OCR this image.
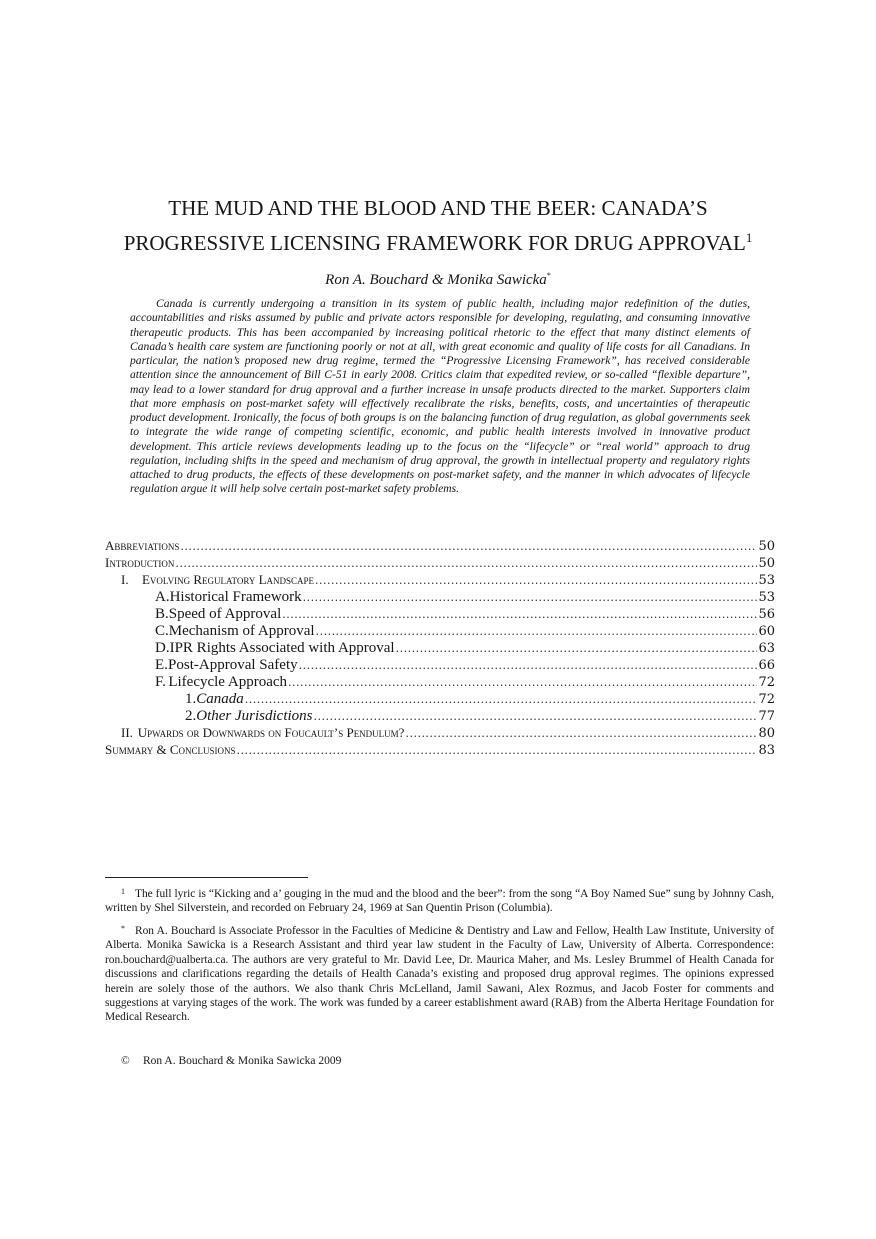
THE MUD AND THE BLOOD AND THE BEER: CANADA’S
PROGRESSIVE LICENSING FRAMEWORK FOR DRUG APPROVAL$^1$
Ron A. Bouchard & Monika Sawicka*

Canada is currently undergoing a transition in its system of public health, including major redefinition of the duties, accountabilities and risks assumed by public and private actors responsible for developing, regulating, and consuming innovative therapeutic products. This has been accompanied by increasing political rhetoric to the effect that many distinct elements of Canada’s health care system are functioning poorly or not at all, with great economic and quality of life costs for all Canadians. In particular, the nation’s proposed new drug regime, termed the “Progressive Licensing Framework”, has received considerable attention since the announcement of Bill C-51 in early 2008. Critics claim that expedited review, or so-called “flexible departure”, may lead to a lower standard for drug approval and a further increase in unsafe products directed to the market. Supporters claim that more emphasis on post-market safety will effectively recalibrate the risks, benefits, costs, and uncertainties of therapeutic product development. Ironically, the focus of both groups is on the balancing function of drug regulation, as global governments seek to integrate the wide range of competing scientific, economic, and public health interests involved in innovative product development. This article reviews developments leading up to the focus on the “lifecycle” or “real world” approach to drug regulation, including shifts in the speed and mechanism of drug approval, the growth in intellectual property and regulatory rights attached to drug products, the effects of these developments on post-market safety, and the manner in which advocates of lifecycle regulation argue it will help solve certain post-market safety problems.

Abbreviations .....	50
Introduction .....	50
I.	Evolving Regulatory Landscape .....	53
A. Historical Framework .....	53
B. Speed of Approval .....	56
C. Mechanism of Approval .....	60
D. IPR Rights Associated with Approval .....	63
E. Post-Approval Safety .....	66
F. Lifecycle Approach .....	72
1. Canada .....	72
2. Other Jurisdictions .....	77
II. Upwards or Downwards on Foucault’s Pendulum? .....	80
Summary & Conclusions .....	83

1 The full lyric is “Kicking and a’ gouging in the mud and the blood and the beer”: from the song “A Boy Named Sue” sung by Johnny Cash, written by Shel Silverstein, and recorded on February 24, 1969 at San Quentin Prison (Columbia).

* Ron A. Bouchard is Associate Professor in the Faculties of Medicine & Dentistry and Law and Fellow, Health Law Institute, University of Alberta. Monika Sawicka is a Research Assistant and third year law student in the Faculty of Law, University of Alberta. Correspondence: ron.bouchard@ualberta.ca. The authors are very grateful to Mr. David Lee, Dr. Maurica Maher, and Ms. Lesley Brummel of Health Canada for discussions and clarifications regarding the details of Health Canada’s existing and proposed drug approval regimes. The opinions expressed herein are solely those of the authors. We also thank Chris McLelland, Jamil Sawani, Alex Rozmus, and Jacob Foster for comments and suggestions at varying stages of the work. The work was funded by a career establishment award (RAB) from the Alberta Heritage Foundation for Medical Research.

© Ron A. Bouchard & Monika Sawicka 2009
